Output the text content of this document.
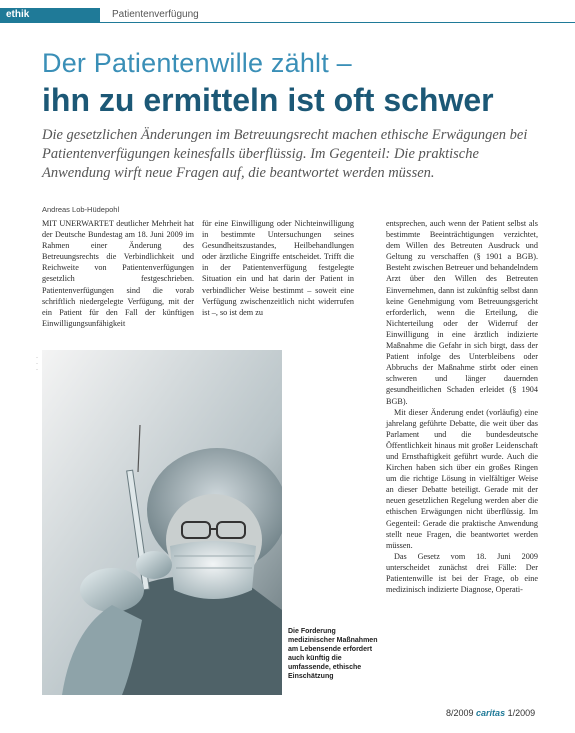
ethik	Patientenverfügung
Der Patientenwille zählt –
ihn zu ermitteln ist oft schwer
Die gesetzlichen Änderungen im Betreuungsrecht machen ethische Erwägungen bei Patientenverfügungen keinesfalls überflüssig. Im Gegenteil: Die praktische Anwendung wirft neue Fragen auf, die beantwortet werden müssen.
Andreas Lob-Hüdepohl

MIT UNERWARTET deutlicher Mehrheit hat der Deutsche Bundestag am 18. Juni 2009 im Rahmen einer Änderung des Betreuungsrechts die Verbindlichkeit und Reichweite von Patientenverfügungen gesetzlich festgeschrieben. Patientenverfügungen sind die vorab schriftlich niedergelegte Verfügung, mit der ein Patient für den Fall der künftigen Einwilligungsunfähigkeit

für eine Einwilligung oder Nichteinwilligung in bestimmte Untersuchungen seines Gesundheitszustandes, Heilbehandlungen oder ärztliche Eingriffe entscheidet. Trifft die in der Patientenverfügung festgelegte Situation ein und hat darin der Patient in verbindlicher Weise bestimmt – soweit eine Verfügung zwischenzeitlich nicht widerrufen ist –, so ist dem zu

entsprechen, auch wenn der Patient selbst als bestimmte Beeinträchtigungen verzichtet, dem Willen des Betreuten Ausdruck und Geltung zu verschaffen (§ 1901 a BGB). Besteht zwischen Betreuer und behandelndem Arzt über den Willen des Betreuten Einvernehmen, dann ist zukünftig selbst dann keine Genehmigung vom Betreuungsgericht erforderlich, wenn die Erteilung, die Nichterteilung oder der Widerruf der Einwilligung in eine ärztlich indizierte Maßnahme die Gefahr in sich birgt, dass der Patient infolge des Unterbleibens oder Abbruchs der Maßnahme stirbt oder einen schweren und länger dauernden gesundheitlichen Schaden erleidet (§ 1904 BGB).

Mit dieser Änderung endet (vorläufig) eine jahrelang geführte Debatte, die weit über das Parlament und die bundesdeutsche Öffentlichkeit hinaus mit großer Leidenschaft und Ernsthaftigkeit geführt wurde. Auch die Kirchen haben sich über ein großes Ringen um die richtige Lösung in vielfältiger Weise an dieser Debatte beteiligt. Gerade mit der neuen gesetzlichen Regelung werden aber die ethischen Erwägungen nicht überflüssig. Im Gegenteil: Gerade die praktische Anwendung stellt neue Fragen, die beantwortet werden müssen.

Das Gesetz vom 18. Juni 2009 unterscheidet zunächst drei Fälle: Der Patientenwille ist bei der Frage, ob eine medizinisch indizierte Diagnose, Operati-

·
·
·
Die Forderung medizinischer Maßnahmen am Lebensende erfordert auch künftig die umfassende, ethische Einschätzung
8/2009 caritas 1/2009
